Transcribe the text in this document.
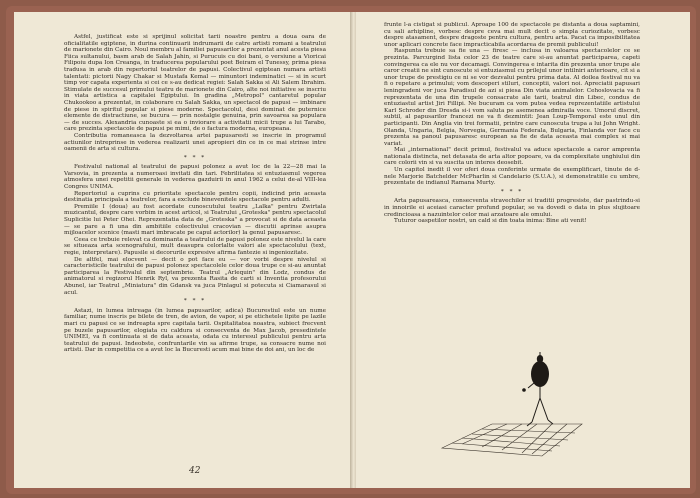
Astfel, justificat este si sprijinul solicitat tarii noastre pentru a doua oara de oficialitatile egiptene, in durina continuarii indrumarii de catre artisti romani a teatrului de marionete din Cairo. Noul membru al familiei papusarilor a prezentat anul acesta piesa Fiica sultanului, basm arab de Salah Jahin, si Purucuis cu doi bani, o versiune a Vioricai Filipoiu dupa Ion Creanga, in traducerea popularului poet Beiram el Tunessy, prima piesa tradusa in arab din repertoriul teatrelor de papusi. Colectivul egiptean numara artisti talentati: pictorii Nagy Chakar si Mustafa Kemal — minuntori indeminatici — si in scurt timp vor capata experienta si cei ce s-au dedicat regiei: Salah Sakka si Ali Salem Ibrahim. Stimulate de succesul primului teatru de marionete din Cairo, alte noi initiative se inscriu in viata artistica a capitalei Egiptului. In gradina „Metropol" cantaretul popular Chukookoo a prezentat, in colaborare cu Salah Sakka, un spectacol de papusi — imbinare de piese in spiritul popular si piese moderne. Spectacolul, desi dominat de puternice elemente de distractiune, se bucura — prin nostalgie genuina, prin savoarea sa populara — de succes. Alexandria cunoaste si ea o inviorare a activitatii micii trupe a lui Tarabo, care prezinta spectacole de papusi pe mimi, de o factura moderna, europeana.

Contributia romaneasca la dezvoltarea artei papusaresti se inscrie in programul actiunilor intreprinse in vederea realizarii unei apropieri din ce in ce mai strinse intre oamenii de arta si cultura.

* * *

Festivalul national al teatrului de papusi polonez a avut loc de la 22—28 mai la Varsovia, in prezenta a numeroasi invitati din tari. Febrilitatea si entuziasmul vegerea atmosfera unei repetitii generale in vederea gazduirii in anul 1962 a celui de-al VIII-lea Congres UNIMA.

Repertoriul a cuprins cu prioritate spectacole pentru copii, indicind prin aceasta destinatia principala a teatrelor, fara a exclude binevenitele spectacole pentru adulti.

Premiile I (doua) au fost acordate cunoscutului teatru „Lalka" pentru Zwirtala muzicantul, despre care vorbim in acest articol, si Teatrului „Groteska" pentru spectacolul Suplicitie lui Peter Ohei. Reprezentatia data de „Groteska" a provocat si de data aceasta — se pare a fi una din ambitiile colectivului cracovian — discutii aprinse asupra mijloacelor scenice (masti mari imbracate pe capul actorilor) la genul papusaresc.

Ceea ce trebuie relevat ca dominanta a teatrului de papusi polonez este nivelul la care se situeaza arta scenografului, mult deasupra celorlalte valori ale spectacolului (text, regie, interpretare). Papusile si decorurile expresive afirma fantezie si ingeniozitate.

De altfel, mai elocvent — decit o pot face eu — vor vorbi despre nivelul si caracteristicile teatrului de papusi polonez spectacolele celor doua trupe ce si-au anuntat participarea la Festivalul din septembrie. Teatrul „Arlequin" din Lodz, condus de animatorul si regizorul Henrik Ryl, va prezenta Rasita de carti si Inventia profesorului Abunel, iar Teatrul „Miniatura" din Gdansk va juca Pinlagul si potecuta si Ciamarasul si acul.

* * *

Astazi, in lumea intreaga (in lumea papusarilor, adica) Bucurestiul este un nume familiar, nume inscris pe bilete de tren, de avion, de vapor, si pe etichetele lipite pe lazile mari cu papusi ce se indreapta spre capitala tarii. Ospitalitatea noastra, subiect frecvent pe buzele papusarilor, elogiata cu caldura si consecventa de Max Jacob, presedintele UNIMEI, va fi continuata si de data aceasta, odata cu interesul publicului pentru arta teatrului de papusi. Indeobste, confruntarile vin sa afirme trupe, sa consacre nume noi artisti. Dar in competitia ce a avut loc la Bucuresti acum mai bine de doi ani, un loc de

42

frunte l-a cistigat si publicul. Aproape 100 de spectacole pe distanta a doua saptamini, cu sali arhipline, vorbesc despre ceva mai mult decit o simpla curiozitate, vorbesc despre atasament, despre dragoste pentru cultura, pentru arta. Pacat ca imposibilitatea unor aplicari concrete face impracticabila acordarea de premii publicului!

Raspunta trebuie sa fie una — firesc — inclusa in valoarea spectacolelor ce se prezinta. Parcurgind lista celor 23 de teatre care si-au anuntat participarea, capeti convingerea ca ele nu vor decamagi. Convingerea e intarita din prezenta unor trupe ale caror creatii ne sint cunoscute si entuziasmul cu prilejul unor intilniri anterioare, cit si a unor trupe de prestigiu ce ni se vor dezvalui pentru prima data. Al doilea festival nu va fi o repetare a primului; vom descoperi stiluri, conceptii, valori noi. Apreciatii papusari leningradeni vor juca Paradisul de azi si piesa Din viata animalelor. Cehoslovacia va fi reprezentata de una din trupele consacrate ale tarii, teatrul din Libec, condus de entuziastul artist Jiri Fillipi. Ne bucuram ca vom putea vedea reprezentatiile artistului Karl Schroder din Dresda si-i vom saluta pe asemenea admiraila voce. Umorul discret, subtil, al papusarilor francezi ne va fi dezmintit: Jean Loup-Temporal este unul din participanti. Din Anglia vin trei formatii, printre care cunoscuta trupa a lui John Wright. Olanda, Ungaria, Belgia, Norvegia, Germania Federala, Bulgaria, Finlanda vor face cu prezenta sa panoul papusaresc european sa fie de data aceasta mai complex si mai variat.

Mai „international" decit primul, festivalul va aduce spectacole a caror amprenta nationala distincta, net detasata de arta altor popoare, va da complexitate unghiului din care colorii vin si va suscita un interes deosebit.

Un capitol inedit il vor oferi doua conferinte urmate de exemplificari, tinute de d-nele Marjorie Batchelder McPharlin si Candelario (S.U.A.), si demonstratiile cu umbre, prezentate de indianul Ramana Murty.

* * *

Arta papusareasca, consecventa stravechilor si traditii progresiste, dar pastrindu-si in innoirile ei aceiasi caracter profund popular, se va dovedi o data in plus slujitoare credincioasa a nazuintelor celor mai arzatoare ale omului.

Tuturor oaspetilor nostri, un cald si din toata inima: Bine ati venit!
